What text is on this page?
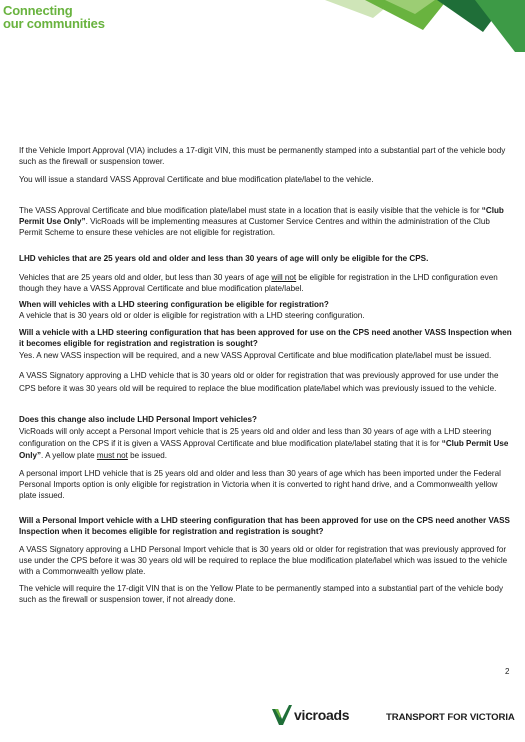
Connecting
our communities

If the Vehicle Import Approval (VIA) includes a 17-digit VIN, this must be permanently stamped into a substantial part of the vehicle body such as the firewall or suspension tower.

You will issue a standard VASS Approval Certificate and blue modification plate/label to the vehicle.

The VASS Approval Certificate and blue modification plate/label must state in a location that is easily visible that the vehicle is for “Club Permit Use Only”. VicRoads will be implementing measures at Customer Service Centres and within the administration of the Club Permit Scheme to ensure these vehicles are not eligible for registration.

LHD vehicles that are 25 years old and older and less than 30 years of age will only be eligible for the CPS.

Vehicles that are 25 years old and older, but less than 30 years of age will not be eligible for registration in the LHD configuration even though they have a VASS Approval Certificate and blue modification plate/label.

When will vehicles with a LHD steering configuration be eligible for registration?

A vehicle that is 30 years old or older is eligible for registration with a LHD steering configuration.

Will a vehicle with a LHD steering configuration that has been approved for use on the CPS need another VASS Inspection when it becomes eligible for registration and registration is sought?

Yes. A new VASS inspection will be required, and a new VASS Approval Certificate and blue modification plate/label must be issued.

A VASS Signatory approving a LHD vehicle that is 30 years old or older for registration that was previously approved for use under the CPS before it was 30 years old will be required to replace the blue modification plate/label which was previously issued to the vehicle.

Does this change also include LHD Personal Import vehicles?

VicRoads will only accept a Personal Import vehicle that is 25 years old and older and less than 30 years of age with a LHD steering configuration on the CPS if it is given a VASS Approval Certificate and blue modification plate/label stating that it is for “Club Permit Use Only”. A yellow plate must not be issued.

A personal import LHD vehicle that is 25 years old and older and less than 30 years of age which has been imported under the Federal Personal Imports option is only eligible for registration in Victoria when it is converted to right hand drive, and a Commonwealth yellow plate issued.

Will a Personal Import vehicle with a LHD steering configuration that has been approved for use on the CPS need another VASS Inspection when it becomes eligible for registration and registration is sought?

A VASS Signatory approving a LHD Personal Import vehicle that is 30 years old or older for registration that was previously approved for use under the CPS before it was 30 years old will be required to replace the blue modification plate/label which was issued to the vehicle with a Commonwealth yellow plate.

The vehicle will require the 17-digit VIN that is on the Yellow Plate to be permanently stamped into a substantial part of the vehicle body such as the firewall or suspension tower, if not already done.

2
vicroads	TRANSPORT FOR VICTORIA
